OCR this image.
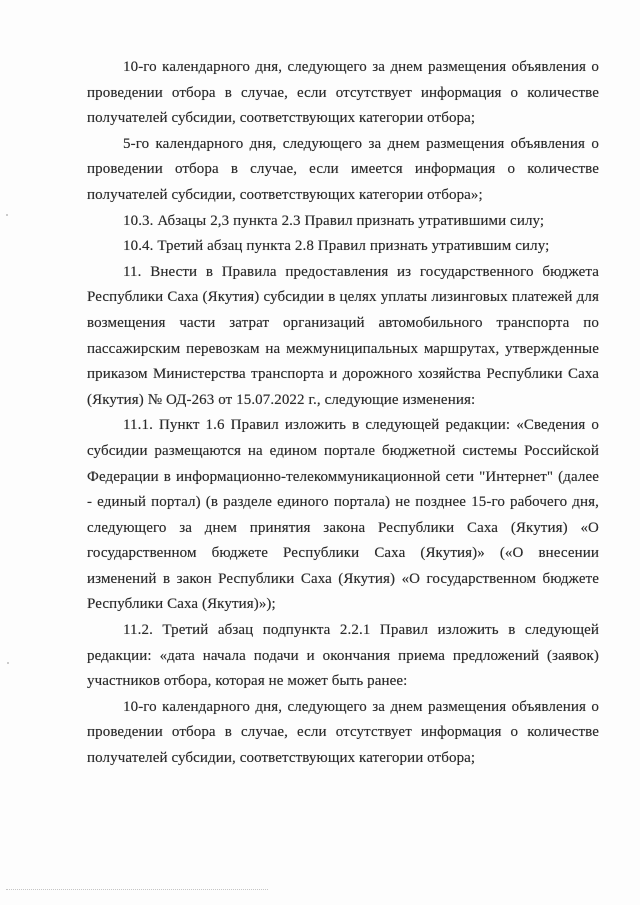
10-го календарного дня, следующего за днем размещения объявления о проведении отбора в случае, если отсутствует информация о количестве получателей субсидии, соответствующих категории отбора;

5-го календарного дня, следующего за днем размещения объявления о проведении отбора в случае, если имеется информация о количестве получателей субсидии, соответствующих категории отбора»;

10.3. Абзацы 2,3 пункта 2.3 Правил признать утратившими силу;

10.4. Третий абзац пункта 2.8 Правил признать утратившим силу;

11. Внести в Правила предоставления из государственного бюджета Республики Саха (Якутия) субсидии в целях уплаты лизинговых платежей для возмещения части затрат организаций автомобильного транспорта по пассажирским перевозкам на межмуниципальных маршрутах, утвержденные приказом Министерства транспорта и дорожного хозяйства Республики Саха (Якутия) № ОД-263 от 15.07.2022 г., следующие изменения:

11.1. Пункт 1.6 Правил изложить в следующей редакции: «Сведения о субсидии размещаются на едином портале бюджетной системы Российской Федерации в информационно-телекоммуникационной сети "Интернет" (далее - единый портал) (в разделе единого портала) не позднее 15-го рабочего дня, следующего за днем принятия закона Республики Саха (Якутия) «О государственном бюджете Республики Саха (Якутия)» («О внесении изменений в закон Республики Саха (Якутия) «О государственном бюджете Республики Саха (Якутия)»);

11.2. Третий абзац подпункта 2.2.1 Правил изложить в следующей редакции: «дата начала подачи и окончания приема предложений (заявок) участников отбора, которая не может быть ранее:

10-го календарного дня, следующего за днем размещения объявления о проведении отбора в случае, если отсутствует информация о количестве получателей субсидии, соответствующих категории отбора;
